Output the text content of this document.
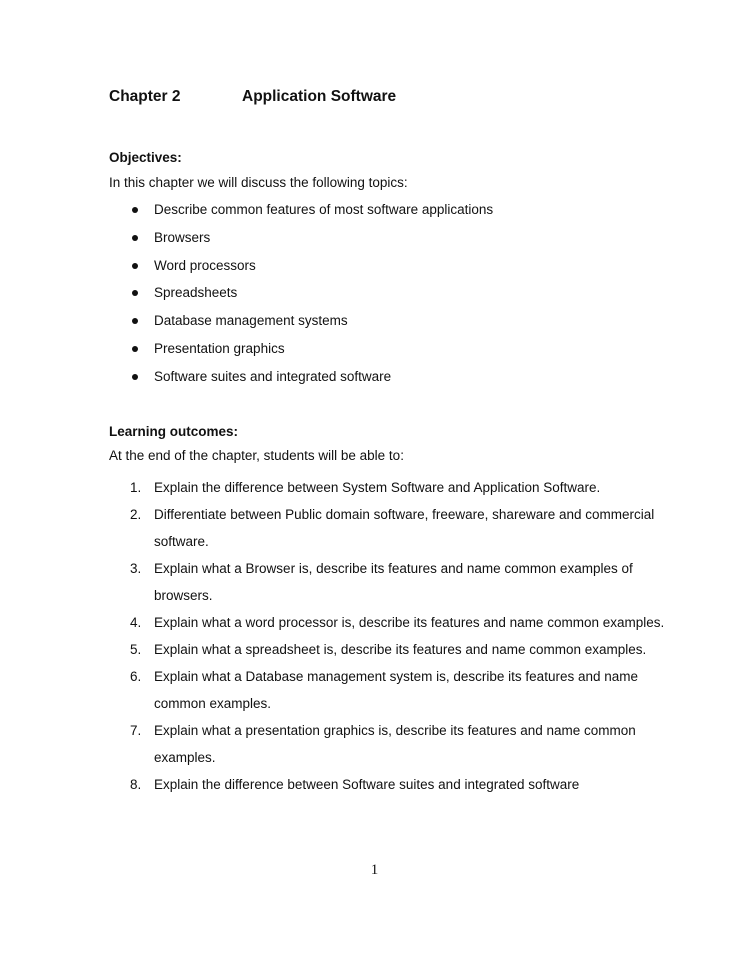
Chapter 2	Application Software
Objectives:
In this chapter we will discuss the following topics:
Describe common features of most software applications
Browsers
Word processors
Spreadsheets
Database management systems
Presentation graphics
Software suites and integrated software
Learning outcomes:
At the end of the chapter, students will be able to:
1. Explain the difference between System Software and Application Software.
2. Differentiate between Public domain software, freeware, shareware and commercial software.
3. Explain what a Browser is, describe its features and name common examples of browsers.
4. Explain what a word processor is, describe its features and name common examples.
5. Explain what a spreadsheet is, describe its features and name common examples.
6. Explain what a Database management system is, describe its features and name common examples.
7. Explain what a presentation graphics is, describe its features and name common examples.
8. Explain the difference between Software suites and integrated software
1
